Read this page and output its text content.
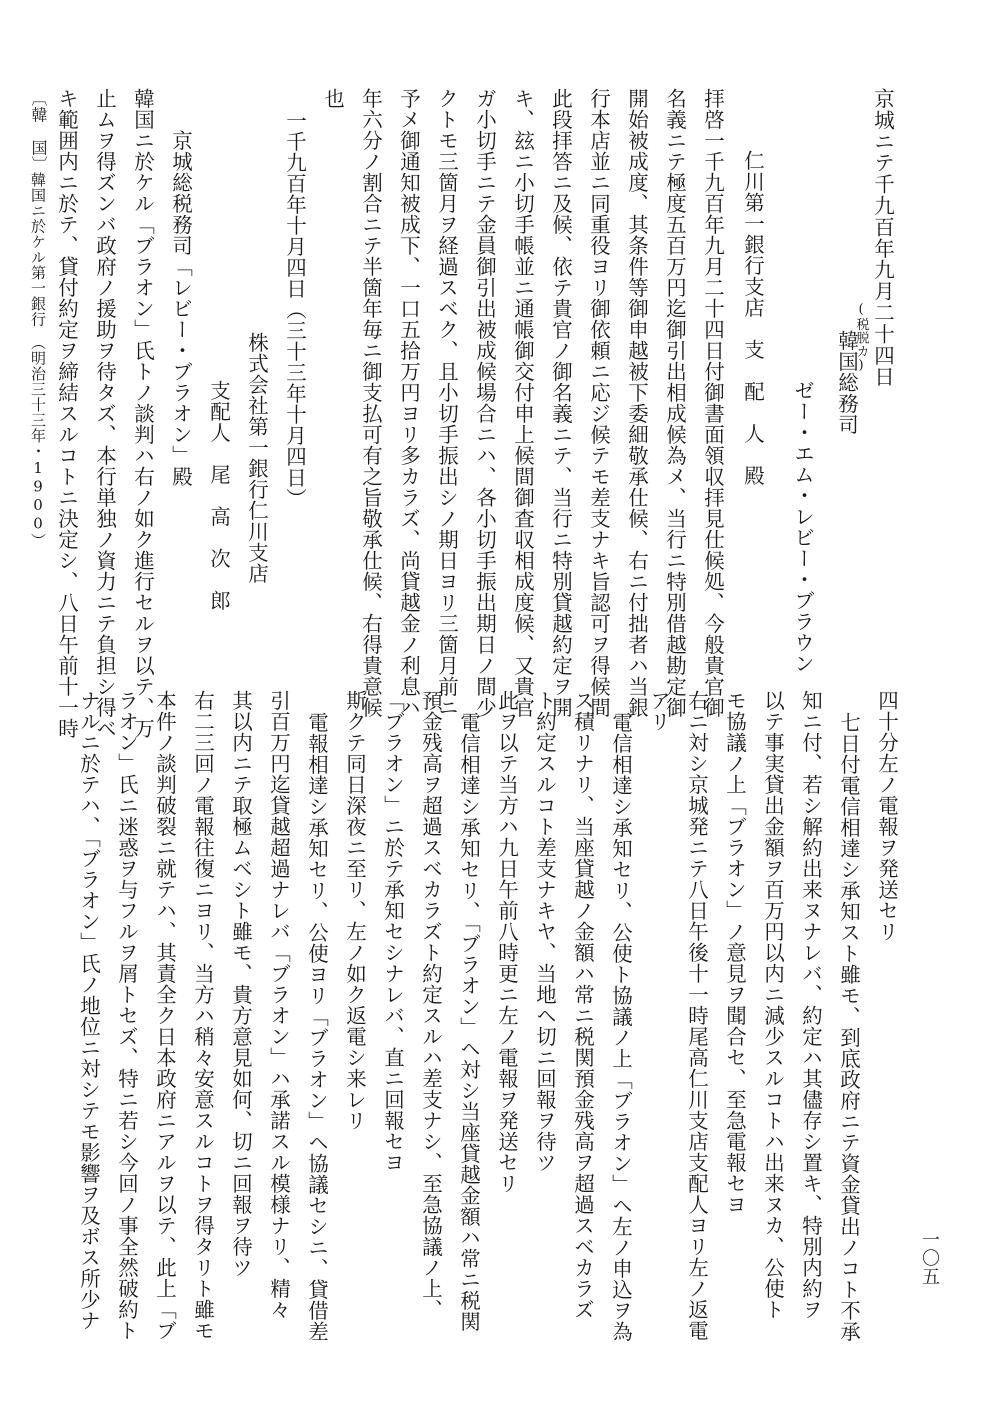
京城ニテ千九百年九月二十四日
(税脱カ)
韓国総務司
ゼー・エム・レビー・ブラウン
仁川第一銀行支店　支　配　人　殿
拝啓一千九百年九月二十四日付御書面領収拝見仕候処、今般貴官御
名義ニテ極度五百万円迄御引出相成候為メ、当行ニ特別借越勘定御
開始被成度、其条件等御申越被下委細敬承仕候、右ニ付拙者ハ当銀
行本店並ニ同重役ヨリ御依頼ニ応ジ候テモ差支ナキ旨認可ヲ得候間
此段拝答ニ及候、依テ貴官ノ御名義ニテ、当行ニ特別貸越約定ヲ開
キ、玆ニ小切手帳並ニ通帳御交付申上候間御査収相成度候、又貴官
ガ小切手ニテ金員御引出被成候場合ニハ、各小切手振出期日ノ間少
クトモ三箇月ヲ経過スベク、且小切手振出シノ期日ヨリ三箇月前ニ
予メ御通知被成下、一口五拾万円ヨリ多カラズ、尚貸越金ノ利息ハ
年六分ノ割合ニテ半箇年毎ニ御支払可有之旨敬承仕候、右得貴意候
也
一千九百年十月四日（三十三年十月四日）
株式会社第一銀行仁川支店
支配人　尾　高　次　郎
京城総税務司「レビー・ブラオン」殿
韓国ニ於ケル「ブラオン」氏トノ談判ハ右ノ如ク進行セルヲ以テ、万
止ムヲ得ズンバ政府ノ援助ヲ待タズ、本行単独ノ資力ニテ負担シ得ベ
キ範囲内ニ於テ、貸付約定ヲ締結スルコトニ決定シ、八日午前十一時
四十分左ノ電報ヲ発送セリ
七日付電信相達シ承知スト雖モ、到底政府ニテ資金貸出ノコト不承
知ニ付、若シ解約出来ヌナレバ、約定ハ其儘存シ置キ、特別内約ヲ
以テ事実貸出金額ヲ百万円以内ニ減少スルコトハ出来ヌカ、公使ト
モ協議ノ上「ブラオン」ノ意見ヲ聞合セ、至急電報セヨ
右ニ対シ京城発ニテ八日午後十一時尾高仁川支店支配人ヨリ左ノ返電
アリ
電信相達シ承知セリ、公使ト協議ノ上「ブラオン」ヘ左ノ申込ヲ為
ス積リナリ、当座貸越ノ金額ハ常ニ税関預金残高ヲ超過スベカラズ
ト約定スルコト差支ナキヤ、当地ヘ切ニ回報ヲ待ツ
此ヲ以テ当方ハ九日午前八時更ニ左ノ電報ヲ発送セリ
電信相達シ承知セリ、「ブラオン」ヘ対シ当座貸越金額ハ常ニ税関
預金残高ヲ超過スベカラズト約定スルハ差支ナシ、至急協議ノ上、
「ブラオン」ニ於テ承知セシナレバ、直ニ回報セヨ
斯クテ同日深夜ニ至リ、左ノ如ク返電シ来レリ
電報相達シ承知セリ、公使ヨリ「ブラオン」ヘ協議セシニ、貸借差
引百万円迄貸越超過ナレバ「ブラオン」ハ承諾スル模様ナリ、精々
其以内ニテ取極ムベシト雖モ、貴方意見如何、切ニ回報ヲ待ツ
右二三回ノ電報往復ニヨリ、当方ハ稍々安意スルコトヲ得タリト雖モ
本件ノ談判破裂ニ就テハ、其責全ク日本政府ニアルヲ以テ、此上「ブ
ラオン」氏ニ迷惑ヲ与フルヲ屑トセズ、特ニ若シ今回ノ事全然破約ト
ナルニ於テハ、「ブラオン」氏ノ地位ニ対シテモ影響ヲ及ボス所少ナ
〔韓　国〕
韓国ニ於ケル第一銀行　（明治三十三年・1900）
一〇五
